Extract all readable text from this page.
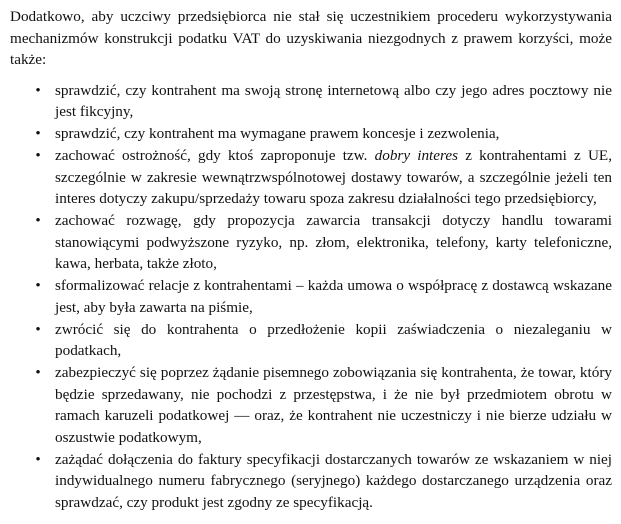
Dodatkowo, aby uczciwy przedsiębiorca nie stał się uczestnikiem procederu wykorzystywania mechanizmów konstrukcji podatku VAT do uzyskiwania niezgodnych z prawem korzyści, może także:

• sprawdzić, czy kontrahent ma swoją stronę internetową albo czy jego adres pocztowy nie jest fikcyjny,
• sprawdzić, czy kontrahent ma wymagane prawem koncesje i zezwolenia,
• zachować ostrożność, gdy ktoś zaproponuje tzw. dobry interes z kontrahentami z UE, szczególnie w zakresie wewnątrzwspólnotowej dostawy towarów, a szczególnie jeżeli ten interes dotyczy zakupu/sprzedaży towaru spoza zakresu działalności tego przedsiębiorcy,
• zachować rozwagę, gdy propozycja zawarcia transakcji dotyczy handlu towarami stanowiącymi podwyższone ryzyko, np. złom, elektronika, telefony, karty telefoniczne, kawa, herbata, także złoto,
• sformalizować relacje z kontrahentami – każda umowa o współpracę z dostawcą wskazane jest, aby była zawarta na piśmie,
• zwrócić się do kontrahenta o przedłożenie kopii zaświadczenia o niezaleganiu w podatkach,
• zabezpieczyć się poprzez żądanie pisemnego zobowiązania się kontrahenta, że towar, który będzie sprzedawany, nie pochodzi z przestępstwa, i że nie był przedmiotem obrotu w ramach karuzeli podatkowej — oraz, że kontrahent nie uczestniczy i nie bierze udziału w oszustwie podatkowym,
• zażądać dołączenia do faktury specyfikacji dostarczanych towarów ze wskazaniem w niej indywidualnego numeru fabrycznego (seryjnego) każdego dostarczanego urządzenia oraz sprawdzać, czy produkt jest zgodny ze specyfikacją.
